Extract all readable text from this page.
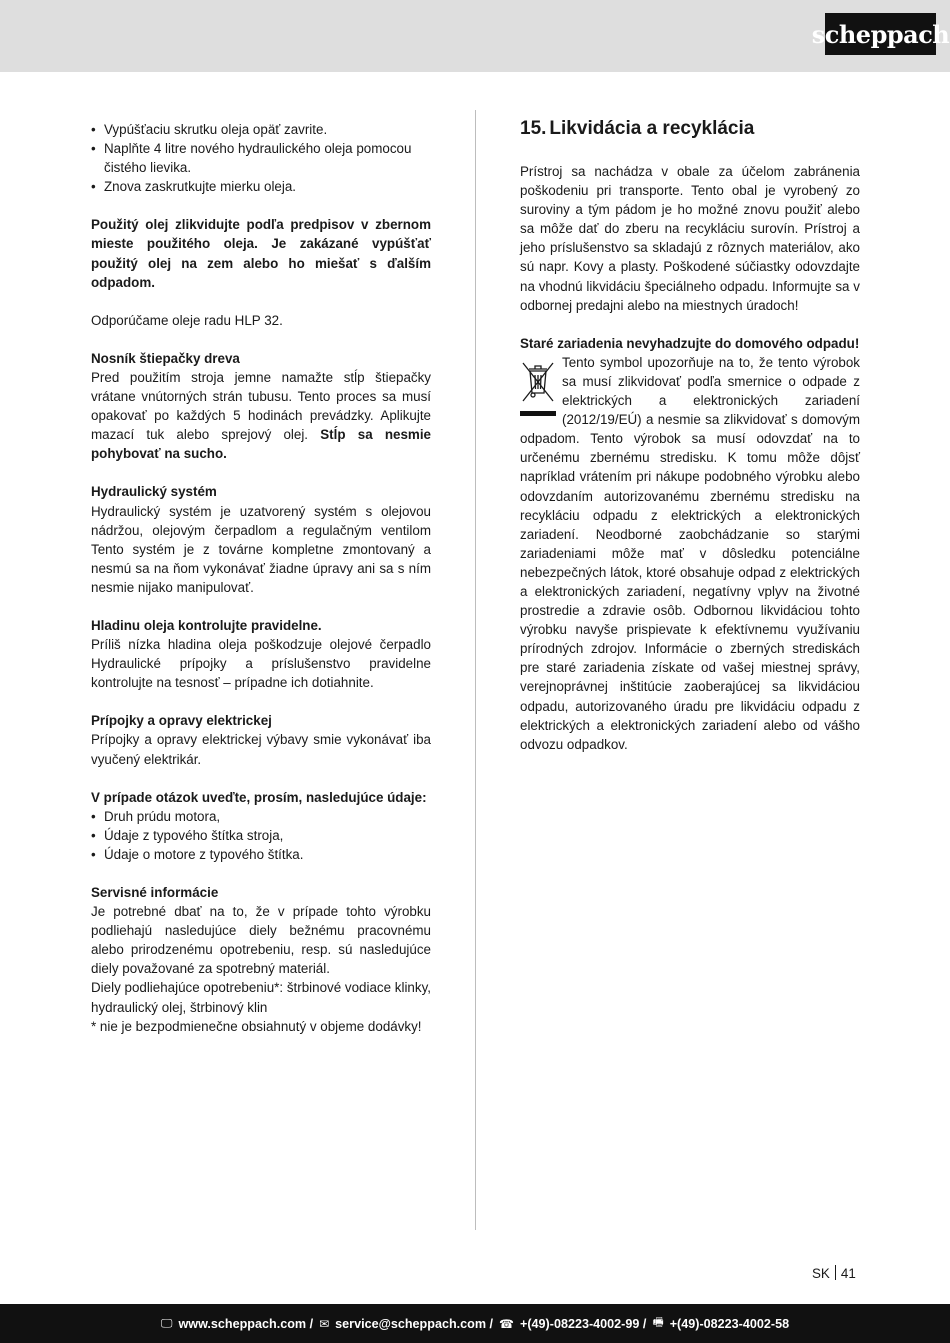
scheppach
• Vypúšťaciu skrutku oleja opäť zavrite.
• Naplňte 4 litre nového hydraulického oleja pomocou čistého lievika.
• Znova zaskrutkujte mierku oleja.

Použitý olej zlikvidujte podľa predpisov v zbernom mieste použitého oleja. Je zakázané vypúšťať použitý olej na zem alebo ho miešať s ďalším odpadom.

Odporúčame oleje radu HLP 32.

Nosník štiepačky dreva

Pred použitím stroja jemne namažte stĺp štiepačky vrátane vnútorných strán tubusu. Tento proces sa musí opakovať po každých 5 hodinách prevádzky. Aplikujte mazací tuk alebo sprejový olej. Stĺp sa nesmie pohybovať na sucho.

Hydraulický systém

Hydraulický systém je uzatvorený systém s olejovou nádržou, olejovým čerpadlom a regulačným ventilom Tento systém je z továrne kompletne zmontovaný a nesmú sa na ňom vykonávať žiadne úpravy ani sa s ním nesmie nijako manipulovať.

Hladinu oleja kontrolujte pravidelne.

Príliš nízka hladina oleja poškodzuje olejové čerpadlo Hydraulické prípojky a príslušenstvo pravidelne kontrolujte na tesnosť – prípadne ich dotiahnite.

Prípojky a opravy elektrickej

Prípojky a opravy elektrickej výbavy smie vykonávať iba vyučený elektrikár.

V prípade otázok uveďte, prosím, nasledujúce údaje:

• Druh prúdu motora,
• Údaje z typového štítka stroja,
• Údaje o motore z typového štítka.

Servisné informácie

Je potrebné dbať na to, že v prípade tohto výrobku podliehajú nasledujúce diely bežnému pracovnému alebo prirodzenému opotrebeniu, resp. sú nasledujúce diely považované za spotrebný materiál.

Diely podliehajúce opotrebeniu*: štrbinové vodiace klinky, hydraulický olej, štrbinový klin

* nie je bezpodmienečne obsiahnutý v objeme dodávky!

15. Likvidácia a recyklácia

Prístroj sa nachádza v obale za účelom zabránenia poškodeniu pri transporte. Tento obal je vyrobený zo suroviny a tým pádom je ho možné znovu použiť alebo sa môže dať do zberu na recykláciu surovín. Prístroj a jeho príslušenstvo sa skladajú z rôznych materiálov, ako sú napr. Kovy a plasty. Poškodené súčiastky odovzdajte na vhodnú likvidáciu špeciálneho odpadu. Informujte sa v odbornej predajni alebo na miestnych úradoch!

Staré zariadenia nevyhadzujte do domového odpadu!

Tento symbol upozorňuje na to, že tento výrobok sa musí zlikvidovať podľa smernice o odpade z elektrických a elektronických zariadení (2012/19/EÚ) a nesmie sa zlikvidovať s domovým odpadom. Tento výrobok sa musí odovzdať na to určenému zbernému stredisku. K tomu môže dôjsť napríklad vrátením pri nákupe podobného výrobku alebo odovzdaním autorizovanému zbernému stredisku na recykláciu odpadu z elektrických a elektronických zariadení. Neodborné zaobchádzanie so starými zariadeniami môže mať v dôsledku potenciálne nebezpečných látok, ktoré obsahuje odpad z elektrických a elektronických zariadení, negatívny vplyv na životné prostredie a zdravie osôb. Odbornou likvidáciou tohto výrobku navyše prispievate k efektívnemu využívaniu prírodných zdrojov. Informácie o zberných strediskách pre staré zariadenia získate od vašej miestnej správy, verejnoprávnej inštitúcie zaoberajúcej sa likvidáciou odpadu, autorizovaného úradu pre likvidáciu odpadu z elektrických a elektronických zariadení alebo od vášho odvozu odpadkov.

SK 41
🖵 www.scheppach.com / ✉ service@scheppach.com / ☎ +(49)-08223-4002-99 / 🖷 +(49)-08223-4002-58
